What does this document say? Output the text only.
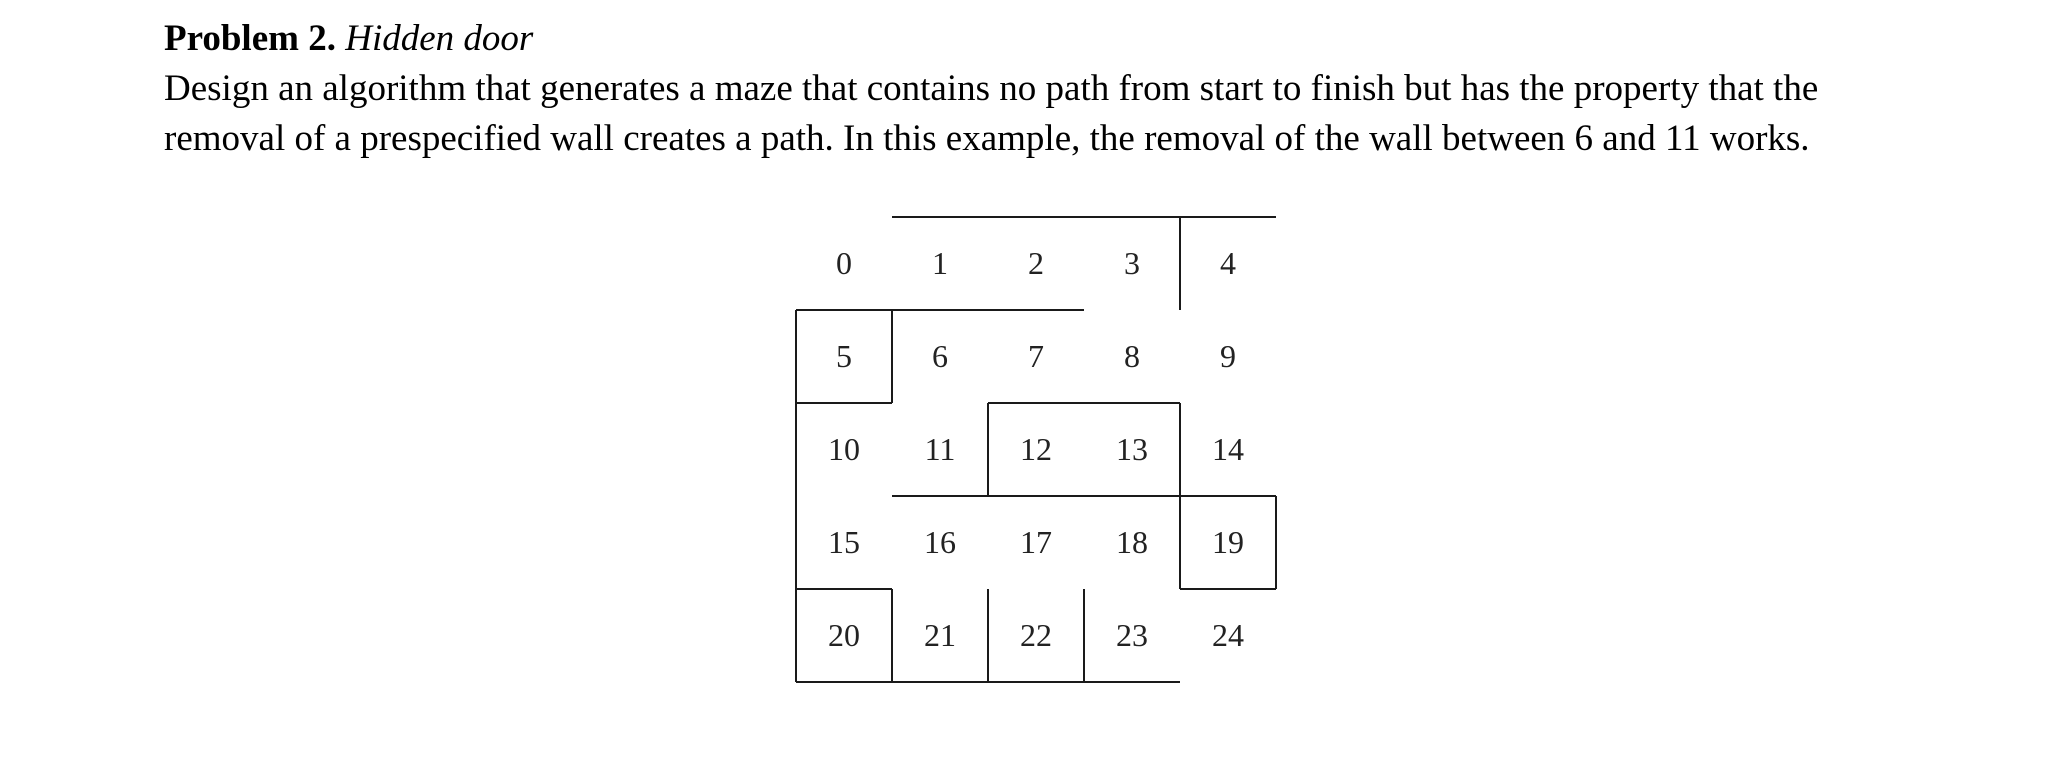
Problem 2. Hidden door
Design an algorithm that generates a maze that contains no path from start to finish but has the property that the
removal of a prespecified wall creates a path. In this example, the removal of the wall between 6 and 11 works.
0	1	2	3	4
5	6	7	8	9
10	11	12	13	14
15	16	17	18	19
20	21	22	23	24
